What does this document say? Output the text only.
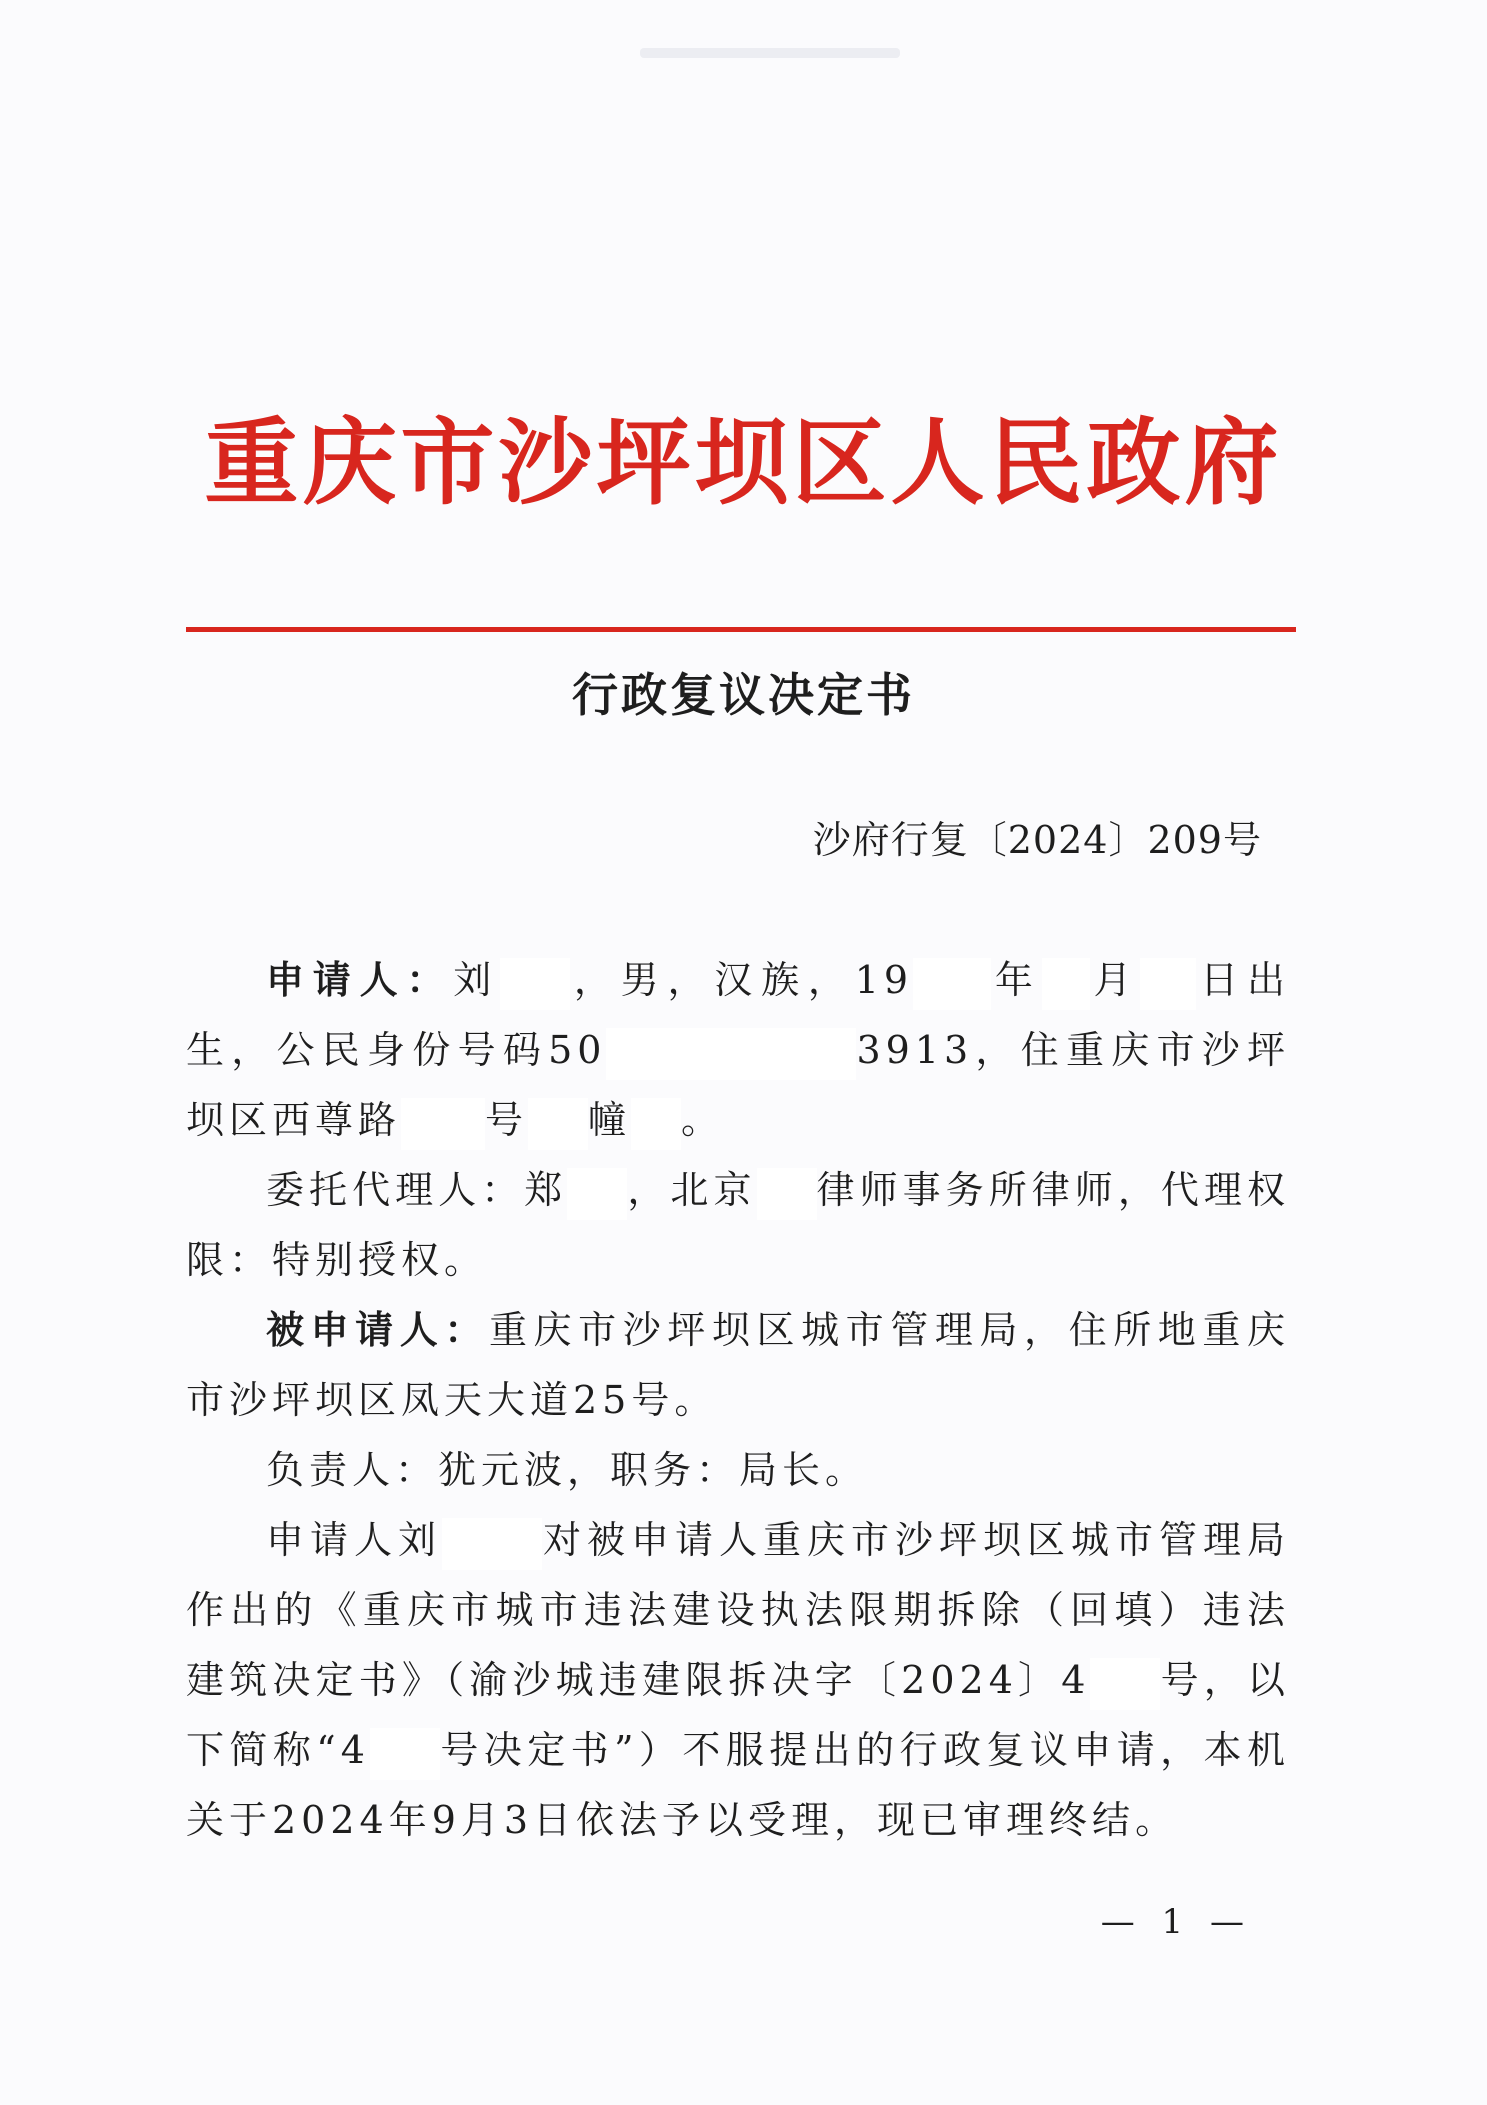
重庆市沙坪坝区人民政府
行政复议决定书
沙府行复〔2024〕209号

申请人：刘 ，男，汉族，19 年 月 日出生，公民身份号码50	3913，住重庆市沙坪坝区西尊路 号 幢 。

委托代理人：郑 ，北京 律师事务所律师，代理权限：特别授权。

被申请人：重庆市沙坪坝区城市管理局，住所地重庆市沙坪坝区凤天大道25号。

负责人：犹元波，职务：局长。

申请人刘	对被申请人重庆市沙坪坝区城市管理局作出的《重庆市城市违法建设执法限期拆除（回填）违法建筑决定书》（渝沙城违建限拆决字〔2024〕4 号，以下简称“4 号决定书”）不服提出的行政复议申请，本机关于2024年9月3日依法予以受理，现已审理终结。

— 1 —
